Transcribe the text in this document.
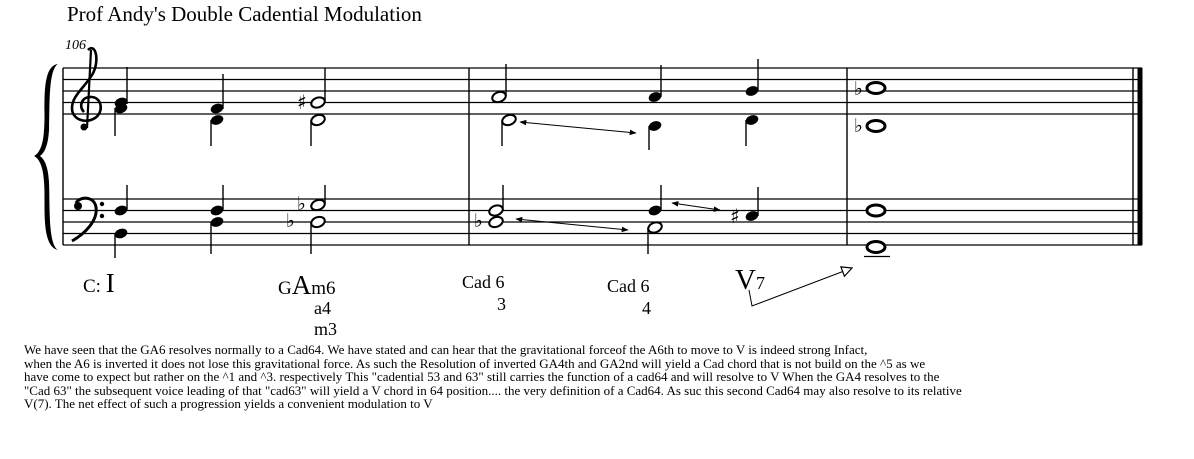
♯
♭
♭	♭	♯
♭
♭
Prof Andy's Double Cadential Modulation
106
C: I	GAm6
a4
m3
Cad 6
3
Cad 6
4
V7
We have seen that the GA6 resolves normally to a Cad64. We have stated and can hear that the gravitational forceof the A6th to move to V is indeed strong Infact,
when the A6 is inverted it does not lose this gravitational force. As such the Resolution of inverted GA4th and GA2nd will yield a Cad chord that is not build on the ^5 as we
have come to expect but rather on the ^1 and ^3. respectively This "cadential 53 and 63" still carries the function of a cad64 and will resolve to V When the GA4 resolves to the
"Cad 63" the subsequent voice leading of that "cad63" will yield a V chord in 64 position.... the very definition of a Cad64. As suc this second Cad64 may also resolve to its relative
V(7). The net effect of such a progression yields a convenient modulation to V
